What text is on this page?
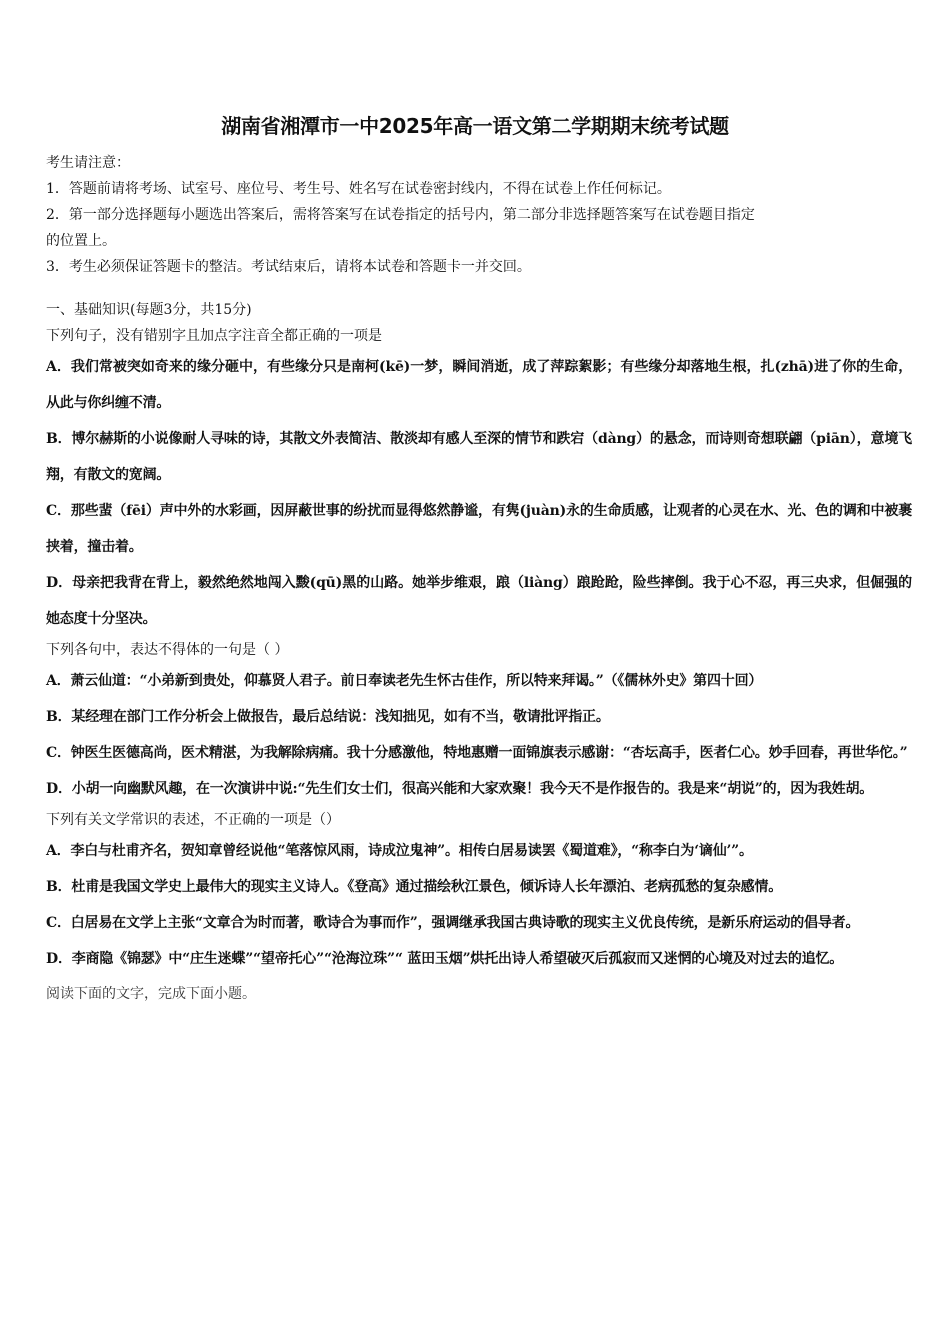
湖南省湘潭市一中2025年高一语文第二学期期末统考试题
考生请注意：
1．答题前请将考场、试室号、座位号、考生号、姓名写在试卷密封线内，不得在试卷上作任何标记。
2．第一部分选择题每小题选出答案后，需将答案写在试卷指定的括号内，第二部分非选择题答案写在试卷题目指定
的位置上。
3．考生必须保证答题卡的整洁。考试结束后，请将本试卷和答题卡一并交回。
一、基础知识(每题3分，共15分)
下列句子，没有错别字且加点字注音全都正确的一项是
A．我们常被突如奇来的缘分砸中，有些缘分只是南柯(kē)一梦，瞬间消逝，成了萍踪絮影；有些缘分却落地生根，扎(zhā)进了你的生命，从此与你纠缠不清。
B．博尔赫斯的小说像耐人寻味的诗，其散文外表简洁、散淡却有感人至深的情节和跌宕（dàng）的悬念，而诗则奇想联翩（piān），意境飞翔，有散文的宽阔。
C．那些蜚（fēi）声中外的水彩画，因屏蔽世事的纷扰而显得悠然静谧，有隽(juàn)永的生命质感，让观者的心灵在水、光、色的调和中被裹挟着，撞击着。
D．母亲把我背在背上，毅然绝然地闯入黢(qū)黑的山路。她举步维艰，踉（liàng）踉跄跄，险些摔倒。我于心不忍，再三央求，但倔强的她态度十分坚决。
下列各句中，表达不得体的一句是（ ）
A．萧云仙道：“小弟新到贵处，仰慕贤人君子。前日奉读老先生怀古佳作，所以特来拜谒。”（《儒林外史》第四十回）
B．某经理在部门工作分析会上做报告，最后总结说：浅知拙见，如有不当，敬请批评指正。
C．钟医生医德高尚，医术精湛，为我解除病痛。我十分感激他，特地惠赠一面锦旗表示感谢：“杏坛高手，医者仁心。妙手回春，再世华佗。”
D．小胡一向幽默风趣，在一次演讲中说:“先生们女士们，很高兴能和大家欢聚！我今天不是作报告的。我是来“胡说”的，因为我姓胡。
下列有关文学常识的表述，不正确的一项是（）
A．李白与杜甫齐名，贺知章曾经说他“笔落惊风雨，诗成泣鬼神”。相传白居易读罢《蜀道难》，“称李白为‘谪仙’”。
B．杜甫是我国文学史上最伟大的现实主义诗人。《登高》通过描绘秋江景色，倾诉诗人长年漂泊、老病孤愁的复杂感情。
C．白居易在文学上主张“文章合为时而著，歌诗合为事而作”，强调继承我国古典诗歌的现实主义优良传统，是新乐府运动的倡导者。
D．李商隐《锦瑟》中“庄生迷蝶”“望帝托心”“沧海泣珠”“ 蓝田玉烟”烘托出诗人希望破灭后孤寂而又迷惘的心境及对过去的追忆。
阅读下面的文字，完成下面小题。
